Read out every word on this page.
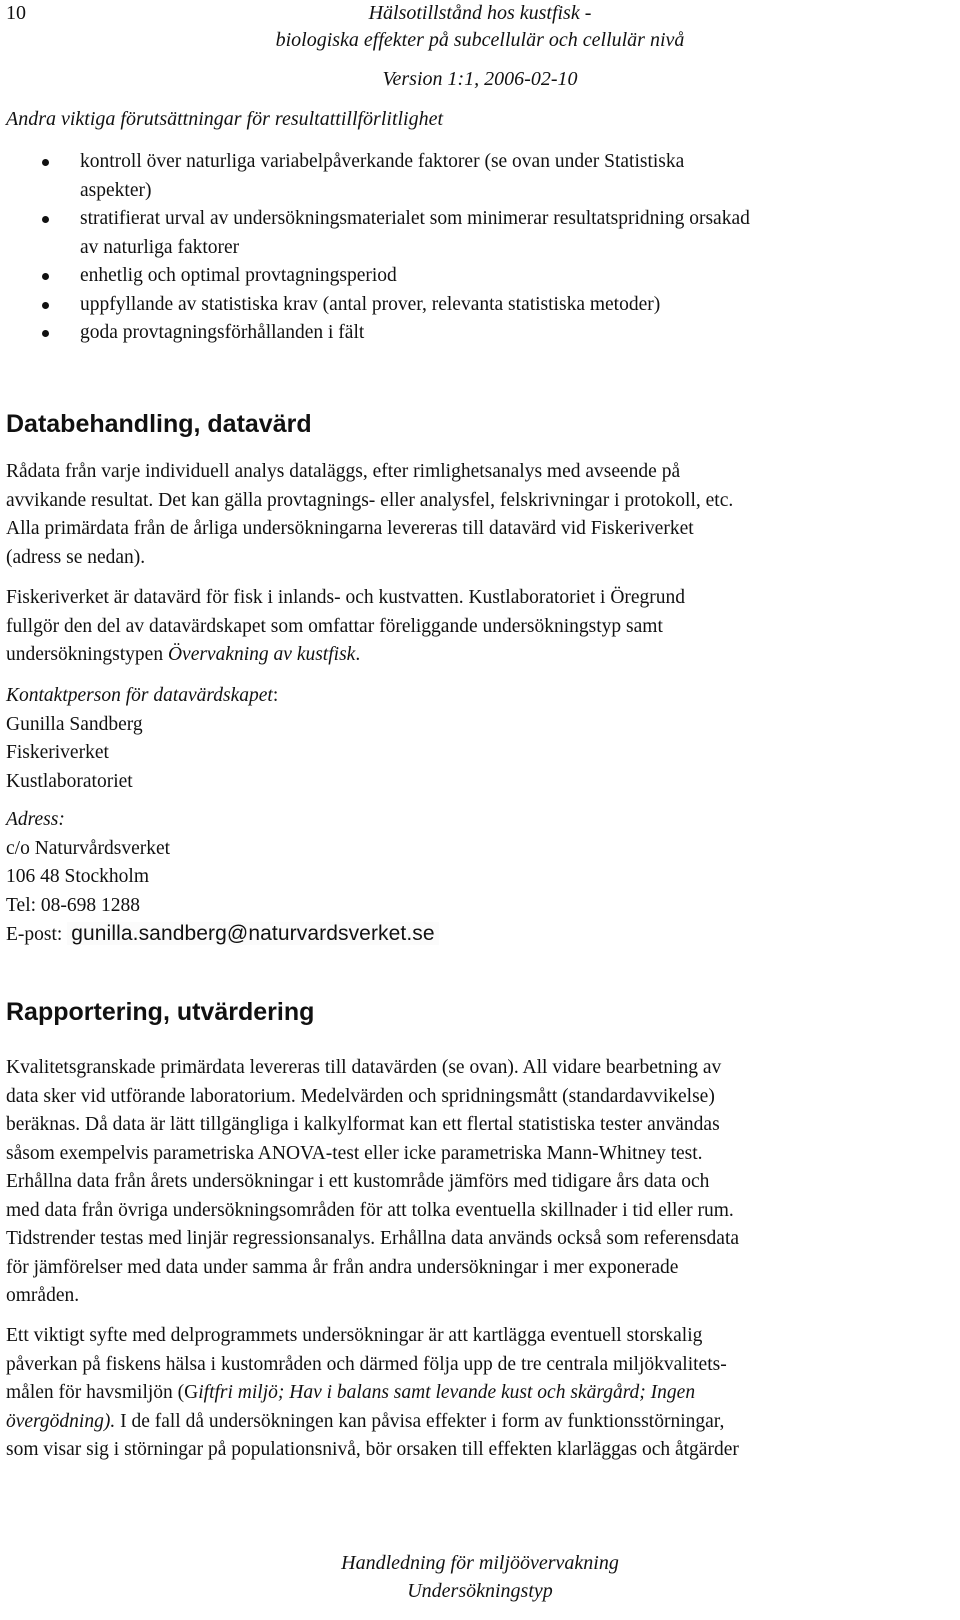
10	Hälsotillstånd hos kustfisk -
biologiska effekter på subcellulär och cellulär nivå
Version 1:1, 2006-02-10
Andra viktiga förutsättningar för resultattillförlitlighet
kontroll över naturliga variabelpåverkande faktorer (se ovan under Statistiska
aspekter)
stratifierat urval av undersökningsmaterialet som minimerar resultatspridning orsakad
av naturliga faktorer
enhetlig och optimal provtagningsperiod
uppfyllande av statistiska krav (antal prover, relevanta statistiska metoder)
goda provtagningsförhållanden i fält
Databehandling, datavärd

Rådata från varje individuell analys dataläggs, efter rimlighetsanalys med avseende på

avvikande resultat. Det kan gälla provtagnings- eller analysfel, felskrivningar i protokoll, etc.

Alla primärdata från de årliga undersökningarna levereras till datavärd vid Fiskeriverket

(adress se nedan).

Fiskeriverket är datavärd för fisk i inlands- och kustvatten. Kustlaboratoriet i Öregrund

fullgör den del av datavärdskapet som omfattar föreliggande undersökningstyp samt

undersökningstypen Övervakning av kustfisk.

Kontaktperson för datavärdskapet:

Gunilla Sandberg

Fiskeriverket

Kustlaboratoriet

Adress:

c/o Naturvårdsverket

106 48 Stockholm

Tel: 08-698 1288

E-post: gunilla.sandberg@naturvardsverket.se

Rapportering, utvärdering

Kvalitetsgranskade primärdata levereras till datavärden (se ovan). All vidare bearbetning av

data sker vid utförande laboratorium. Medelvärden och spridningsmått (standardavvikelse)

beräknas. Då data är lätt tillgängliga i kalkylformat kan ett flertal statistiska tester användas

såsom exempelvis parametriska ANOVA-test eller icke parametriska Mann-Whitney test.

Erhållna data från årets undersökningar i ett kustområde jämförs med tidigare års data och

med data från övriga undersökningsområden för att tolka eventuella skillnader i tid eller rum.

Tidstrender testas med linjär regressionsanalys. Erhållna data används också som referensdata

för jämförelser med data under samma år från andra undersökningar i mer exponerade

områden.

Ett viktigt syfte med delprogrammets undersökningar är att kartlägga eventuell storskalig

påverkan på fiskens hälsa i kustområden och därmed följa upp de tre centrala miljökvalitets-

målen för havsmiljön (Giftfri miljö; Hav i balans samt levande kust och skärgård; Ingen

övergödning). I de fall då undersökningen kan påvisa effekter i form av funktionsstörningar,

som visar sig i störningar på populationsnivå, bör orsaken till effekten klarläggas och åtgärder

Handledning för miljöövervakning
Undersökningstyp
